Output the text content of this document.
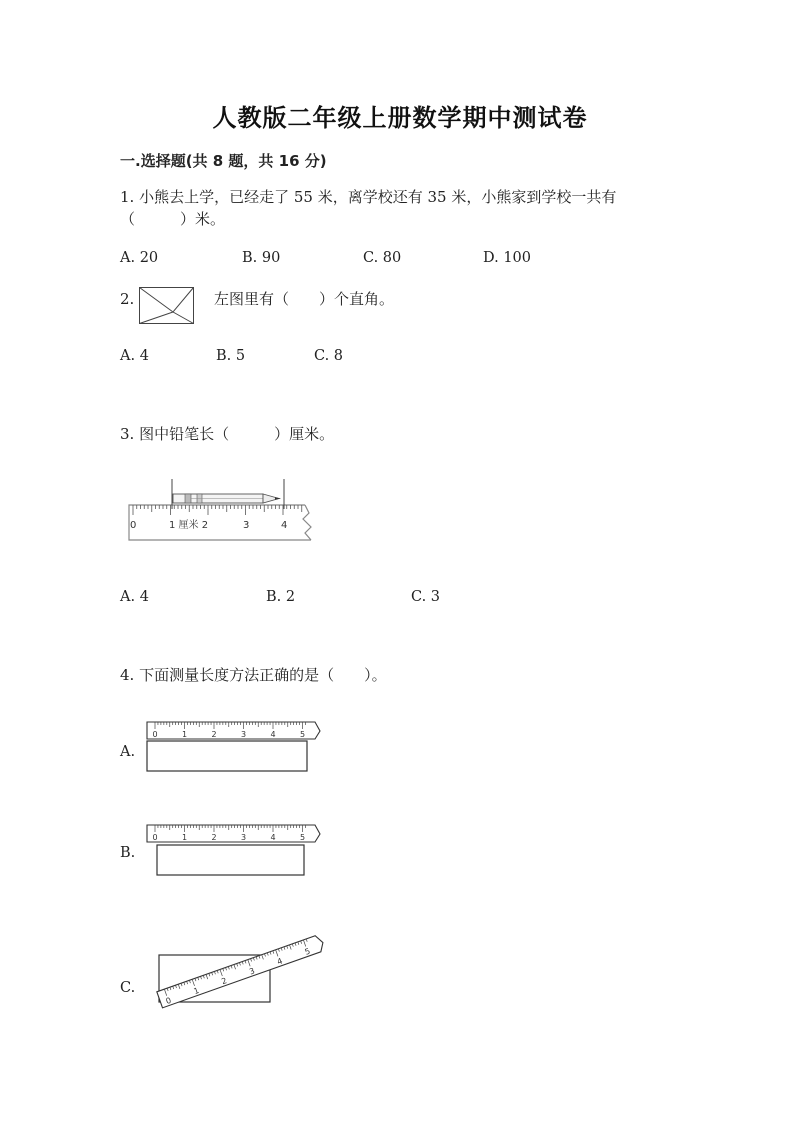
人教版二年级上册数学期中测试卷
一.选择题(共 8 题，共 16 分)
1. 小熊去上学，已经走了 55 米，离学校还有 35 米，小熊家到学校一共有
（　　　）米。
A. 20	B. 90	C. 80	D. 100
2.	左图里有（　　）个直角。
A. 4	B. 5	C. 8
3. 图中铅笔长（　　　）厘米。
0	1 厘米 2	3	4
A. 4	B. 2	C. 3
4. 下面测量长度方法正确的是（　　）。
A.
0	1	2	3	4	5
B.
0	1	2	3	4	5
C.
0
1
2
3
4
5
